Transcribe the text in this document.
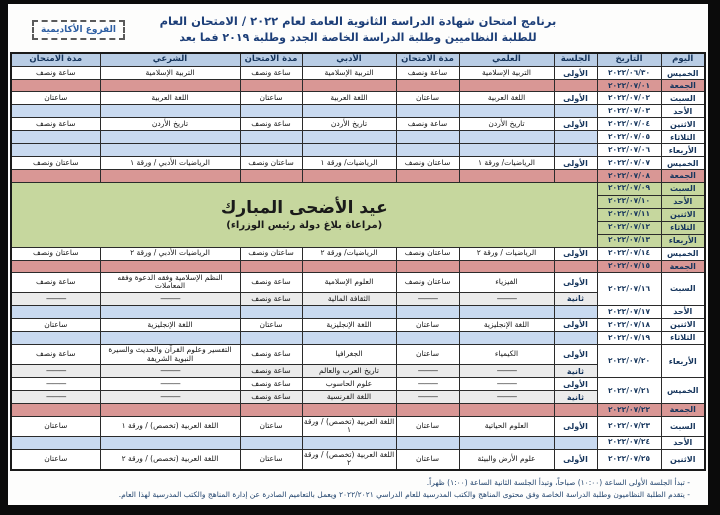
الفروع الأكاديمية
برنامج امتحان شهادة الدراسة الثانوية العامة لعام ٢٠٢٢ / الامتحان العام
للطلبة النظاميين وطلبة الدراسة الخاصة الجدد وطلبة ٢٠١٩ فما بعد
اليوم	التاريخ	الجلسة	العلمي	مدة الامتحان	الأدبي	مدة الامتحان	الشرعي	مدة الامتحان
الخميس	٢٠٢٢/٠٦/٣٠	الأولى	التربية الإسلامية	ساعة ونصف	التربية الإسلامية	ساعة ونصف	التربية الإسلامية	ساعة ونصف
الجمعة	٢٠٢٢/٠٧/٠١							
السبت	٢٠٢٢/٠٧/٠٢	الأولى	اللغة العربية	ساعتان	اللغة العربية	ساعتان	اللغة العربية	ساعتان
الأحد	٢٠٢٢/٠٧/٠٣							
الاثنين	٢٠٢٢/٠٧/٠٤	الأولى	تاريخ الأردن	ساعة ونصف	تاريخ الأردن	ساعة ونصف	تاريخ الأردن	ساعة ونصف
الثلاثاء	٢٠٢٢/٠٧/٠٥							
الأربعاء	٢٠٢٢/٠٧/٠٦							
الخميس	٢٠٢٢/٠٧/٠٧	الأولى	الرياضيات/ ورقة ١	ساعتان ونصف	الرياضيات/ ورقة ١	ساعتان ونصف	الرياضيات الأدبي / ورقة ١	ساعتان ونصف
الجمعة	٢٠٢٢/٠٧/٠٨							
السبت	٢٠٢٢/٠٧/٠٩	عيد الأضحى المبارك
(مراعاة بلاغ دولة رئيس الوزراء)						

الأحد	٢٠٢٢/٠٧/١٠							
الاثنين	٢٠٢٢/٠٧/١١							
الثلاثاء	٢٠٢٢/٠٧/١٢							
الأربعاء	٢٠٢٢/٠٧/١٣							
الخميس	٢٠٢٢/٠٧/١٤	الأولى	الرياضيات / ورقة ٢	ساعتان ونصف	الرياضيات/ ورقة ٢	ساعتان ونصف	الرياضيات الأدبي / ورقة ٢	ساعتان ونصف
الجمعة	٢٠٢٢/٠٧/١٥							
السبت	٢٠٢٢/٠٧/١٦	الأولى	الفيزياء	ساعتان ونصف	العلوم الإسلامية	ساعة ونصف	النظم الإسلامية وفقه الدعوة وفقه المعاملات	ساعة ونصف
		ثانية	———	———	الثقافة المالية	ساعة ونصف	———	———
الأحد	٢٠٢٢/٠٧/١٧							
الاثنين	٢٠٢٢/٠٧/١٨	الأولى	اللغة الإنجليزية	ساعتان	اللغة الإنجليزية	ساعتان	اللغة الإنجليزية	ساعتان
الثلاثاء	٢٠٢٢/٠٧/١٩							
الأربعاء	٢٠٢٢/٠٧/٢٠	الأولى	الكيمياء	ساعتان	الجغرافيا	ساعة ونصف	التفسير وعلوم القرآن والحديث والسيرة النبوية الشريفة	ساعة ونصف
		ثانية	———	———	تاريخ العرب والعالم	ساعة ونصف	———	———
الخميس	٢٠٢٢/٠٧/٢١	الأولى	———	———	علوم الحاسوب	ساعة ونصف	———	———
		ثانية	———	———	اللغة الفرنسية	ساعة ونصف	———	———
الجمعة	٢٠٢٢/٠٧/٢٢							
السبت	٢٠٢٢/٠٧/٢٣	الأولى	العلوم الحياتية	ساعتان	اللغة العربية (تخصص) / ورقة ١	ساعتان	اللغة العربية (تخصص) / ورقة ١	ساعتان
الأحد	٢٠٢٢/٠٧/٢٤							
الاثنين	٢٠٢٢/٠٧/٢٥	الأولى	علوم الأرض والبيئة	ساعتان	اللغة العربية (تخصص) / ورقة ٢	ساعتان	اللغة العربية (تخصص) / ورقة ٢	ساعتان
- تبدأ الجلسة الأولى الساعة (١٠:٠٠) صباحاً، وتبدأ الجلسة الثانية الساعة (١:٠٠) ظهراً.
- يتقدم الطلبة النظاميون وطلبة الدراسة الخاصة وفق محتوى المناهج والكتب المدرسية للعام الدراسي ٢٠٢٢/٢٠٢١ ويعمل بالتعاميم الصادرة عن إدارة المناهج والكتب المدرسية لهذا العام.
